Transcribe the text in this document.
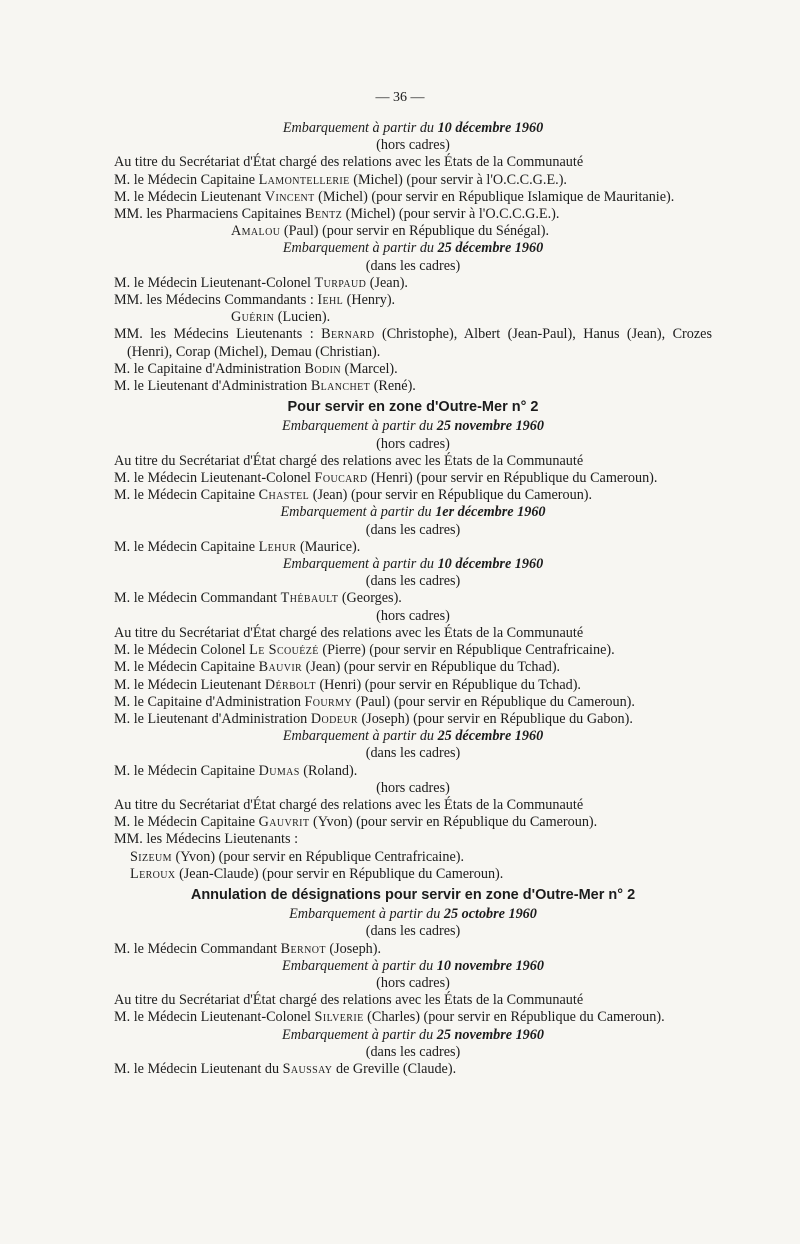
— 36 —
Embarquement à partir du 10 décembre 1960
(hors cadres)
Au titre du Secrétariat d'État chargé des relations avec les États de la Communauté
M. le Médecin Capitaine Lamontellerie (Michel) (pour servir à l'O.C.C.G.E.).
M. le Médecin Lieutenant Vincent (Michel) (pour servir en République Islamique de Mauritanie).
MM. les Pharmaciens Capitaines Bentz (Michel) (pour servir à l'O.C.C.G.E.).
Amalou (Paul) (pour servir en République du Sénégal).
Embarquement à partir du 25 décembre 1960
(dans les cadres)
M. le Médecin Lieutenant-Colonel Turpaud (Jean).
MM. les Médecins Commandants : Iehl (Henry).
Guérin (Lucien).
MM. les Médecins Lieutenants : Bernard (Christophe), Albert (Jean-Paul), Hanus (Jean), Crozes (Henri), Corap (Michel), Demau (Christian).
M. le Capitaine d'Administration Bodin (Marcel).
M. le Lieutenant d'Administration Blanchet (René).
Pour servir en zone d'Outre-Mer n° 2
Embarquement à partir du 25 novembre 1960
(hors cadres)
Au titre du Secrétariat d'État chargé des relations avec les États de la Communauté
M. le Médecin Lieutenant-Colonel Foucard (Henri) (pour servir en République du Cameroun).
M. le Médecin Capitaine Chastel (Jean) (pour servir en République du Cameroun).
Embarquement à partir du 1er décembre 1960
(dans les cadres)
M. le Médecin Capitaine Lehur (Maurice).
Embarquement à partir du 10 décembre 1960
(dans les cadres)
M. le Médecin Commandant Thébault (Georges).
(hors cadres)
Au titre du Secrétariat d'État chargé des relations avec les États de la Communauté
M. le Médecin Colonel Le Scouézé (Pierre) (pour servir en République Centrafricaine).
M. le Médecin Capitaine Bauvir (Jean) (pour servir en République du Tchad).
M. le Médecin Lieutenant Dérbolt (Henri) (pour servir en République du Tchad).
M. le Capitaine d'Administration Fourmy (Paul) (pour servir en République du Cameroun).
M. le Lieutenant d'Administration Dodeur (Joseph) (pour servir en République du Gabon).
Embarquement à partir du 25 décembre 1960
(dans les cadres)
M. le Médecin Capitaine Dumas (Roland).
(hors cadres)
Au titre du Secrétariat d'État chargé des relations avec les États de la Communauté
M. le Médecin Capitaine Gauvrit (Yvon) (pour servir en République du Cameroun).
MM. les Médecins Lieutenants :
Sizeum (Yvon) (pour servir en République Centrafricaine).
Leroux (Jean-Claude) (pour servir en République du Cameroun).
Annulation de désignations pour servir en zone d'Outre-Mer n° 2
Embarquement à partir du 25 octobre 1960
(dans les cadres)
M. le Médecin Commandant Bernot (Joseph).
Embarquement à partir du 10 novembre 1960
(hors cadres)
Au titre du Secrétariat d'État chargé des relations avec les États de la Communauté
M. le Médecin Lieutenant-Colonel Silverie (Charles) (pour servir en République du Cameroun).
Embarquement à partir du 25 novembre 1960
(dans les cadres)
M. le Médecin Lieutenant du Saussay de Greville (Claude).
